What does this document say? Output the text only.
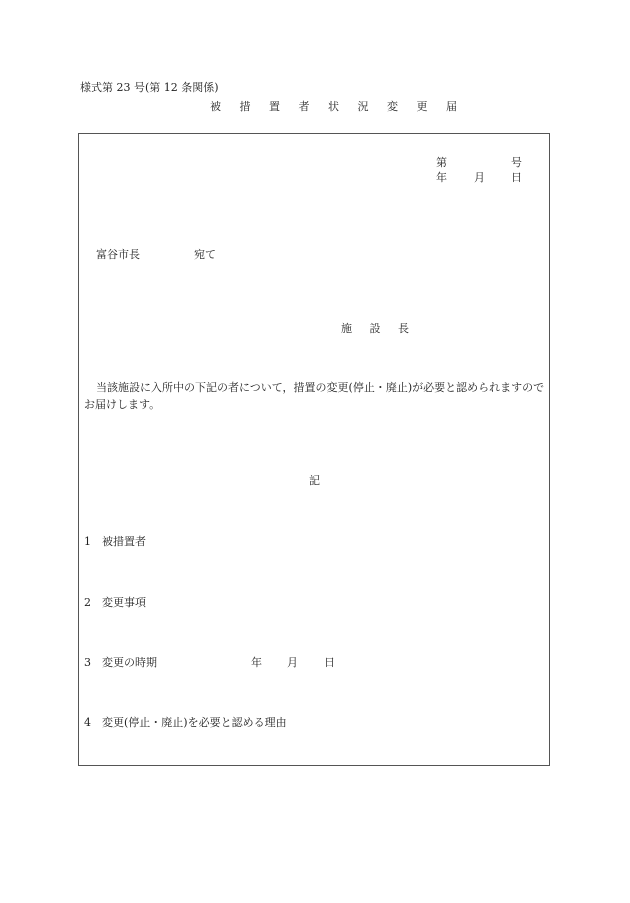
様式第 23 号(第 12 条関係)
被 措 置 者 状 況 変 更 届
第	号
年 月 日
富谷市長	宛て
施 設 長
当該施設に入所中の下記の者について，措置の変更(停止・廃止)が必要と認められますのでお届けします。
記
1 被措置者
2 変更事項
3 変更の時期	年 月 日
4 変更(停止・廃止)を必要と認める理由
